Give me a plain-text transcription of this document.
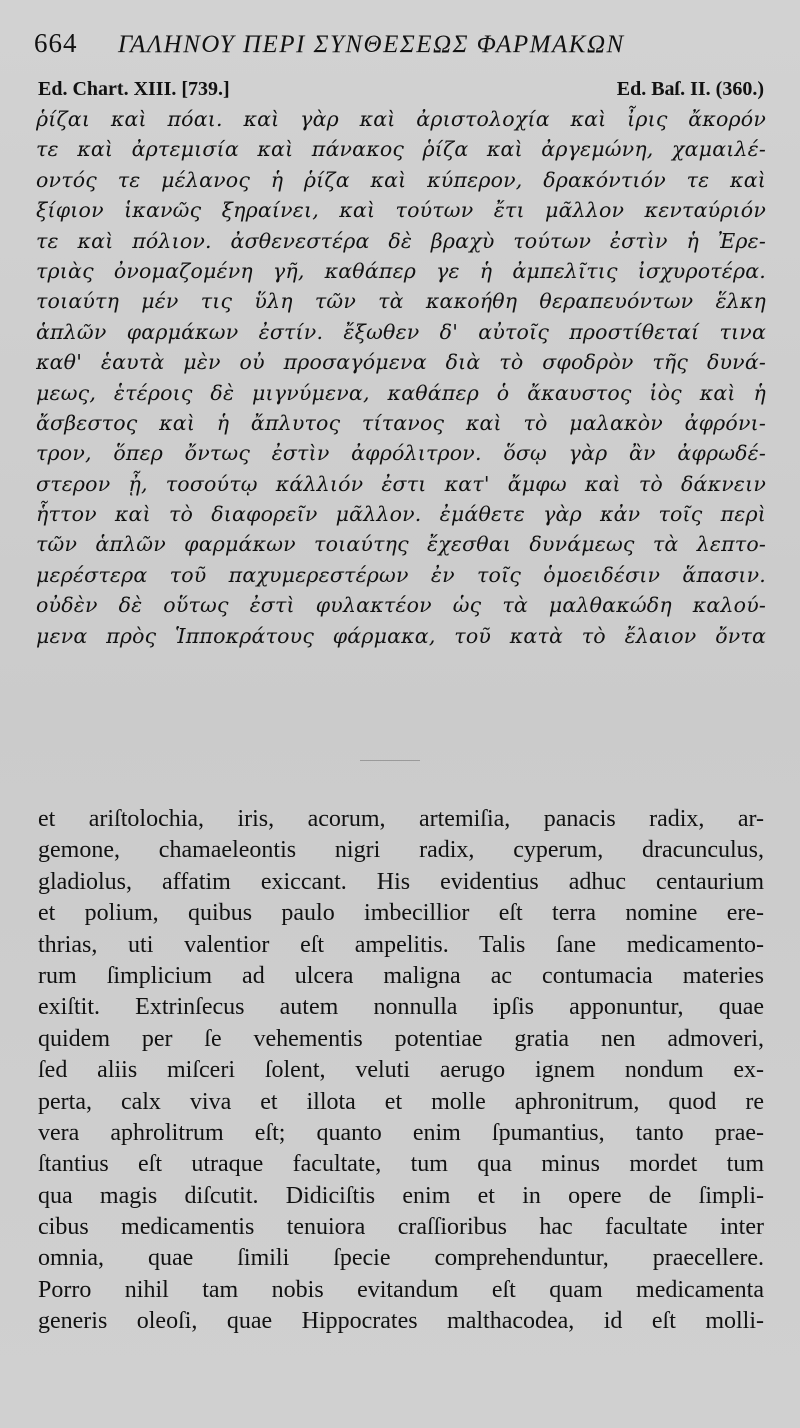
664	ΓΑΛΗΝΟΥ ΠΕΡΙ ΣΥΝΘΕΣΕΩΣ ΦΑΡΜΑΚΩΝ
Ed. Chart. XIII. [739.]	Ed. Baſ. II. (360.)
ῥίζαι καὶ πόαι. καὶ γὰρ καὶ ἀριστολοχία καὶ ἶρις ἄκορόν
τε καὶ ἀρτεμισία καὶ πάνακος ῥίζα καὶ ἀργεμώνη, χαμαιλέ-
οντός τε μέλανος ἡ ῥίζα καὶ κύπερον, δρακόντιόν τε καὶ
ξίφιον ἱκανῶς ξηραίνει, καὶ τούτων ἔτι μᾶλλον κενταύριόν
τε καὶ πόλιον. ἀσθενεστέρα δὲ βραχὺ τούτων ἐστὶν ἡ Ἐρε-
τριὰς ὀνομαζομένη γῆ, καθάπερ γε ἡ ἀμπελῖτις ἰσχυροτέρα.
τοιαύτη μέν τις ὕλη τῶν τὰ κακοήθη θεραπευόντων ἕλκη
ἁπλῶν φαρμάκων ἐστίν. ἔξωθεν δ' αὐτοῖς προστίθεταί τινα
καθ' ἑαυτὰ μὲν οὐ προσαγόμενα διὰ τὸ σφοδρὸν τῆς δυνά-
μεως, ἑτέροις δὲ μιγνύμενα, καθάπερ ὁ ἄκαυστος ἰὸς καὶ ἡ
ἄσβεστος καὶ ἡ ἄπλυτος τίτανος καὶ τὸ μαλακὸν ἀφρόνι-
τρον, ὅπερ ὄντως ἐστὶν ἀφρόλιτρον. ὅσῳ γὰρ ἂν ἀφρωδέ-
στερον ᾖ, τοσούτῳ κάλλιόν ἐστι κατ' ἄμφω καὶ τὸ δάκνειν
ἧττον καὶ τὸ διαφορεῖν μᾶλλον. ἐμάθετε γὰρ κἀν τοῖς περὶ
τῶν ἁπλῶν φαρμάκων τοιαύτης ἔχεσθαι δυνάμεως τὰ λεπτο-
μερέστερα τοῦ παχυμερεστέρων ἐν τοῖς ὁμοειδέσιν ἅπασιν.
οὐδὲν δὲ οὕτως ἐστὶ φυλακτέον ὡς τὰ μαλθακώδη καλού-
μενα πρὸς Ἱπποκράτους φάρμακα, τοῦ κατὰ τὸ ἔλαιον ὄντα
et ariſtolochia, iris, acorum, artemiſia, panacis radix, ar-
gemone, chamaeleontis nigri radix, cyperum, dracunculus,
gladiolus, affatim exiccant. His evidentius adhuc centaurium
et polium, quibus paulo imbecillior eſt terra nomine ere-
thrias, uti valentior eſt ampelitis. Talis ſane medicamento-
rum ſimplicium ad ulcera maligna ac contumacia materies
exiſtit. Extrinſecus autem nonnulla ipſis apponuntur, quae
quidem per ſe vehementis potentiae gratia nen admoveri,
ſed aliis miſceri ſolent, veluti aerugo ignem nondum ex-
perta, calx viva et illota et molle aphronitrum, quod re
vera aphrolitrum eſt; quanto enim ſpumantius, tanto prae-
ſtantius eſt utraque facultate, tum qua minus mordet tum
qua magis diſcutit. Didiciſtis enim et in opere de ſimpli-
cibus medicamentis tenuiora craſſioribus hac facultate inter
omnia, quae ſimili ſpecie comprehenduntur, praecellere.
Porro nihil tam nobis evitandum eſt quam medicamenta
generis oleoſi, quae Hippocrates malthacodea, id eſt molli-
